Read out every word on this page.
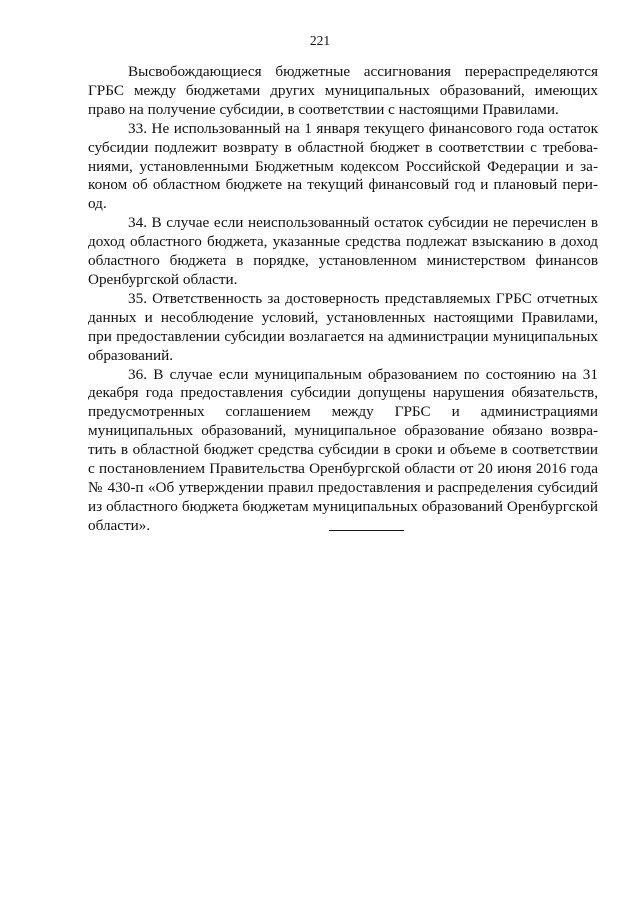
221

Высвобождающиеся бюджетные ассигнования перераспределяются ГРБС между бюджетами других муниципальных образований, имеющих право на получение субсидии, в соответствии с настоящими Правилами.

33. Не использованный на 1 января текущего финансового года остаток субсидии подлежит возврату в областной бюджет в соответствии с требованиями, установленными Бюджетным кодексом Российской Федерации и законом об областном бюджете на текущий финансовый год и плановый период.

34. В случае если неиспользованный остаток субсидии не перечислен в доход областного бюджета, указанные средства подлежат взысканию в доход областного бюджета в порядке, установленном министерством финансов Оренбургской области.

35. Ответственность за достоверность представляемых ГРБС отчетных данных и несоблюдение условий, установленных настоящими Правилами, при предоставлении субсидии возлагается на администрации муниципальных образований.

36. В случае если муниципальным образованием по состоянию на 31 декабря года предоставления субсидии допущены нарушения обязательств, предусмотренных соглашением между ГРБС и администрациями муниципальных образований, муниципальное образование обязано возвратить в областной бюджет средства субсидии в сроки и объеме в соответствии с постановлением Правительства Оренбургской области от 20 июня 2016 года № 430-п «Об утверждении правил предоставления и распределения субсидий из областного бюджета бюджетам муниципальных образований Оренбургской области».
